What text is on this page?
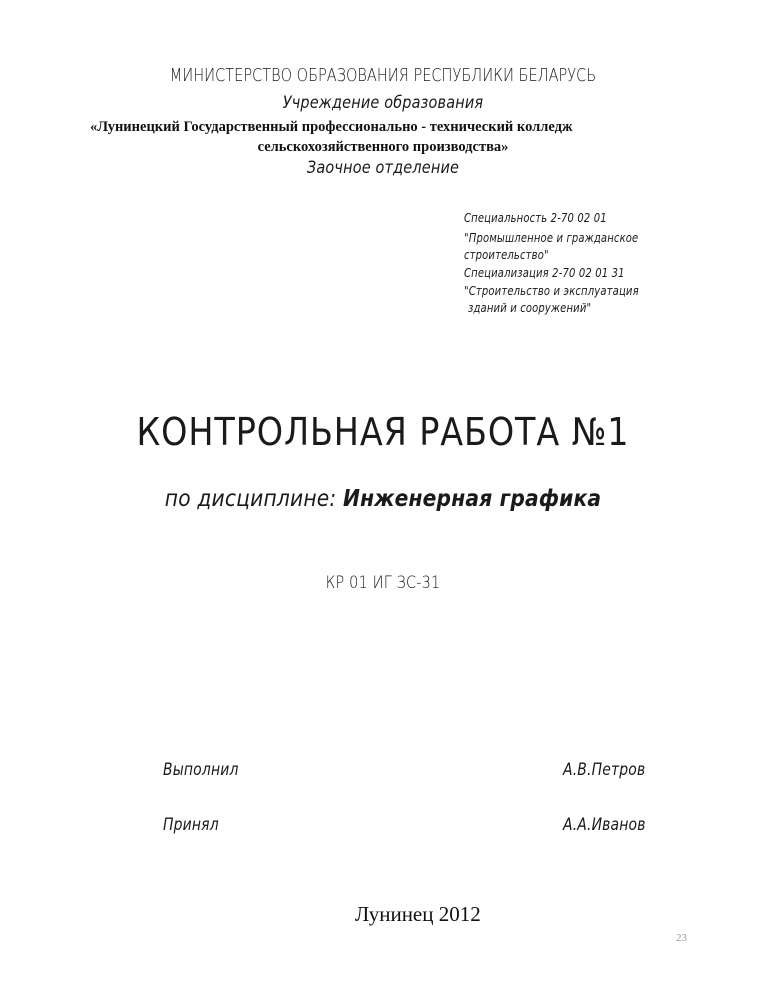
МИНИСТЕРСТВО ОБРАЗОВАНИЯ РЕСПУБЛИКИ БЕЛАРУСЬ
Учреждение образования
«Лунинецкий Государственный профессионально - технический колледж
сельскохозяйственного производства»
Заочное отделение
Специальность 2-70 02 01
"Промышленное и гражданское
строительство"
Специализация 2-70 02 01 31
"Строительство и эксплуатация
зданий и сооружений"
КОНТРОЛЬНАЯ РАБОТА №1
по дисциплине: Инженерная графика
КР 01 ИГ ЗС-31
Выполнил	А.В.Петров
Принял	А.А.Иванов
Лунинец 2012
23
